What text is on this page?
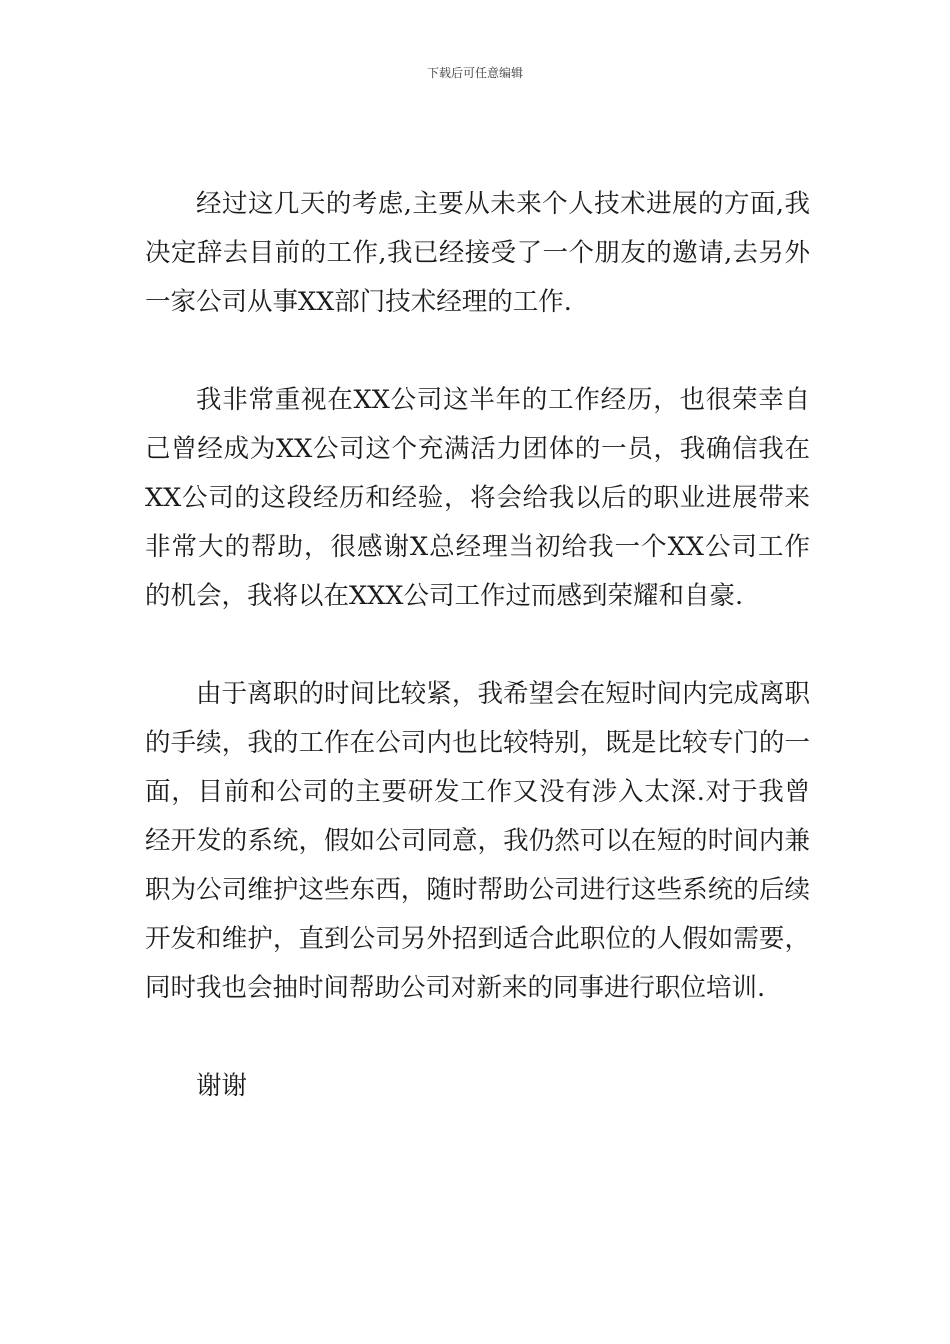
下载后可任意编辑

经过这几天的考虑,主要从未来个人技术进展的方面,我决定辞去目前的工作,我已经接受了一个朋友的邀请,去另外一家公司从事XX部门技术经理的工作.

我非常重视在XX公司这半年的工作经历，也很荣幸自己曾经成为XX公司这个充满活力团体的一员，我确信我在XX公司的这段经历和经验，将会给我以后的职业进展带来非常大的帮助，很感谢X总经理当初给我一个XX公司工作的机会，我将以在XXX公司工作过而感到荣耀和自豪.

由于离职的时间比较紧，我希望会在短时间内完成离职的手续，我的工作在公司内也比较特别，既是比较专门的一面，目前和公司的主要研发工作又没有涉入太深.对于我曾经开发的系统，假如公司同意，我仍然可以在短的时间内兼职为公司维护这些东西，随时帮助公司进行这些系统的后续开发和维护，直到公司另外招到适合此职位的人假如需要，同时我也会抽时间帮助公司对新来的同事进行职位培训.

谢谢
